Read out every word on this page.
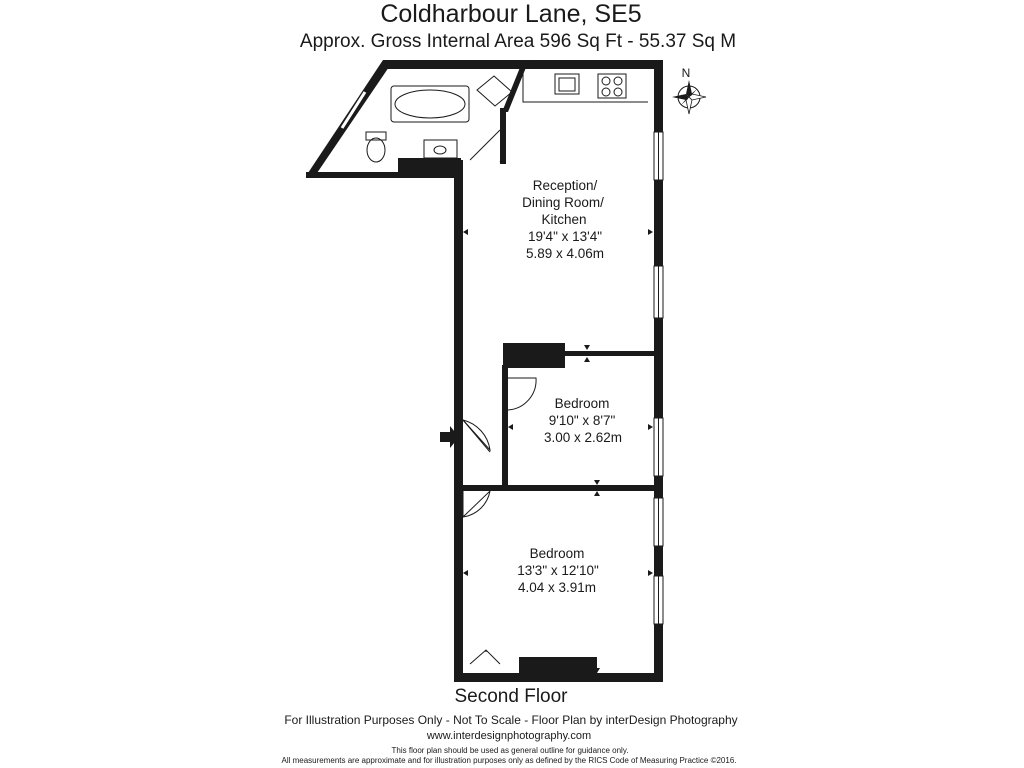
Coldharbour Lane, SE5
Approx. Gross Internal Area 596 Sq Ft - 55.37 Sq M
Reception/
Dining Room/
Kitchen
19'4" x 13'4"
5.89 x 4.06m
Bedroom
9'10" x 8'7"
3.00 x 2.62m
Bedroom
13'3" x 12'10"
4.04 x 3.91m
N
Second Floor
For Illustration Purposes Only - Not To Scale - Floor Plan by interDesign Photography
www.interdesignphotography.com
This floor plan should be used as general outline for guidance only.
All measurements are approximate and for illustration purposes only as defined by the RICS Code of Measuring Practice ©2016.
